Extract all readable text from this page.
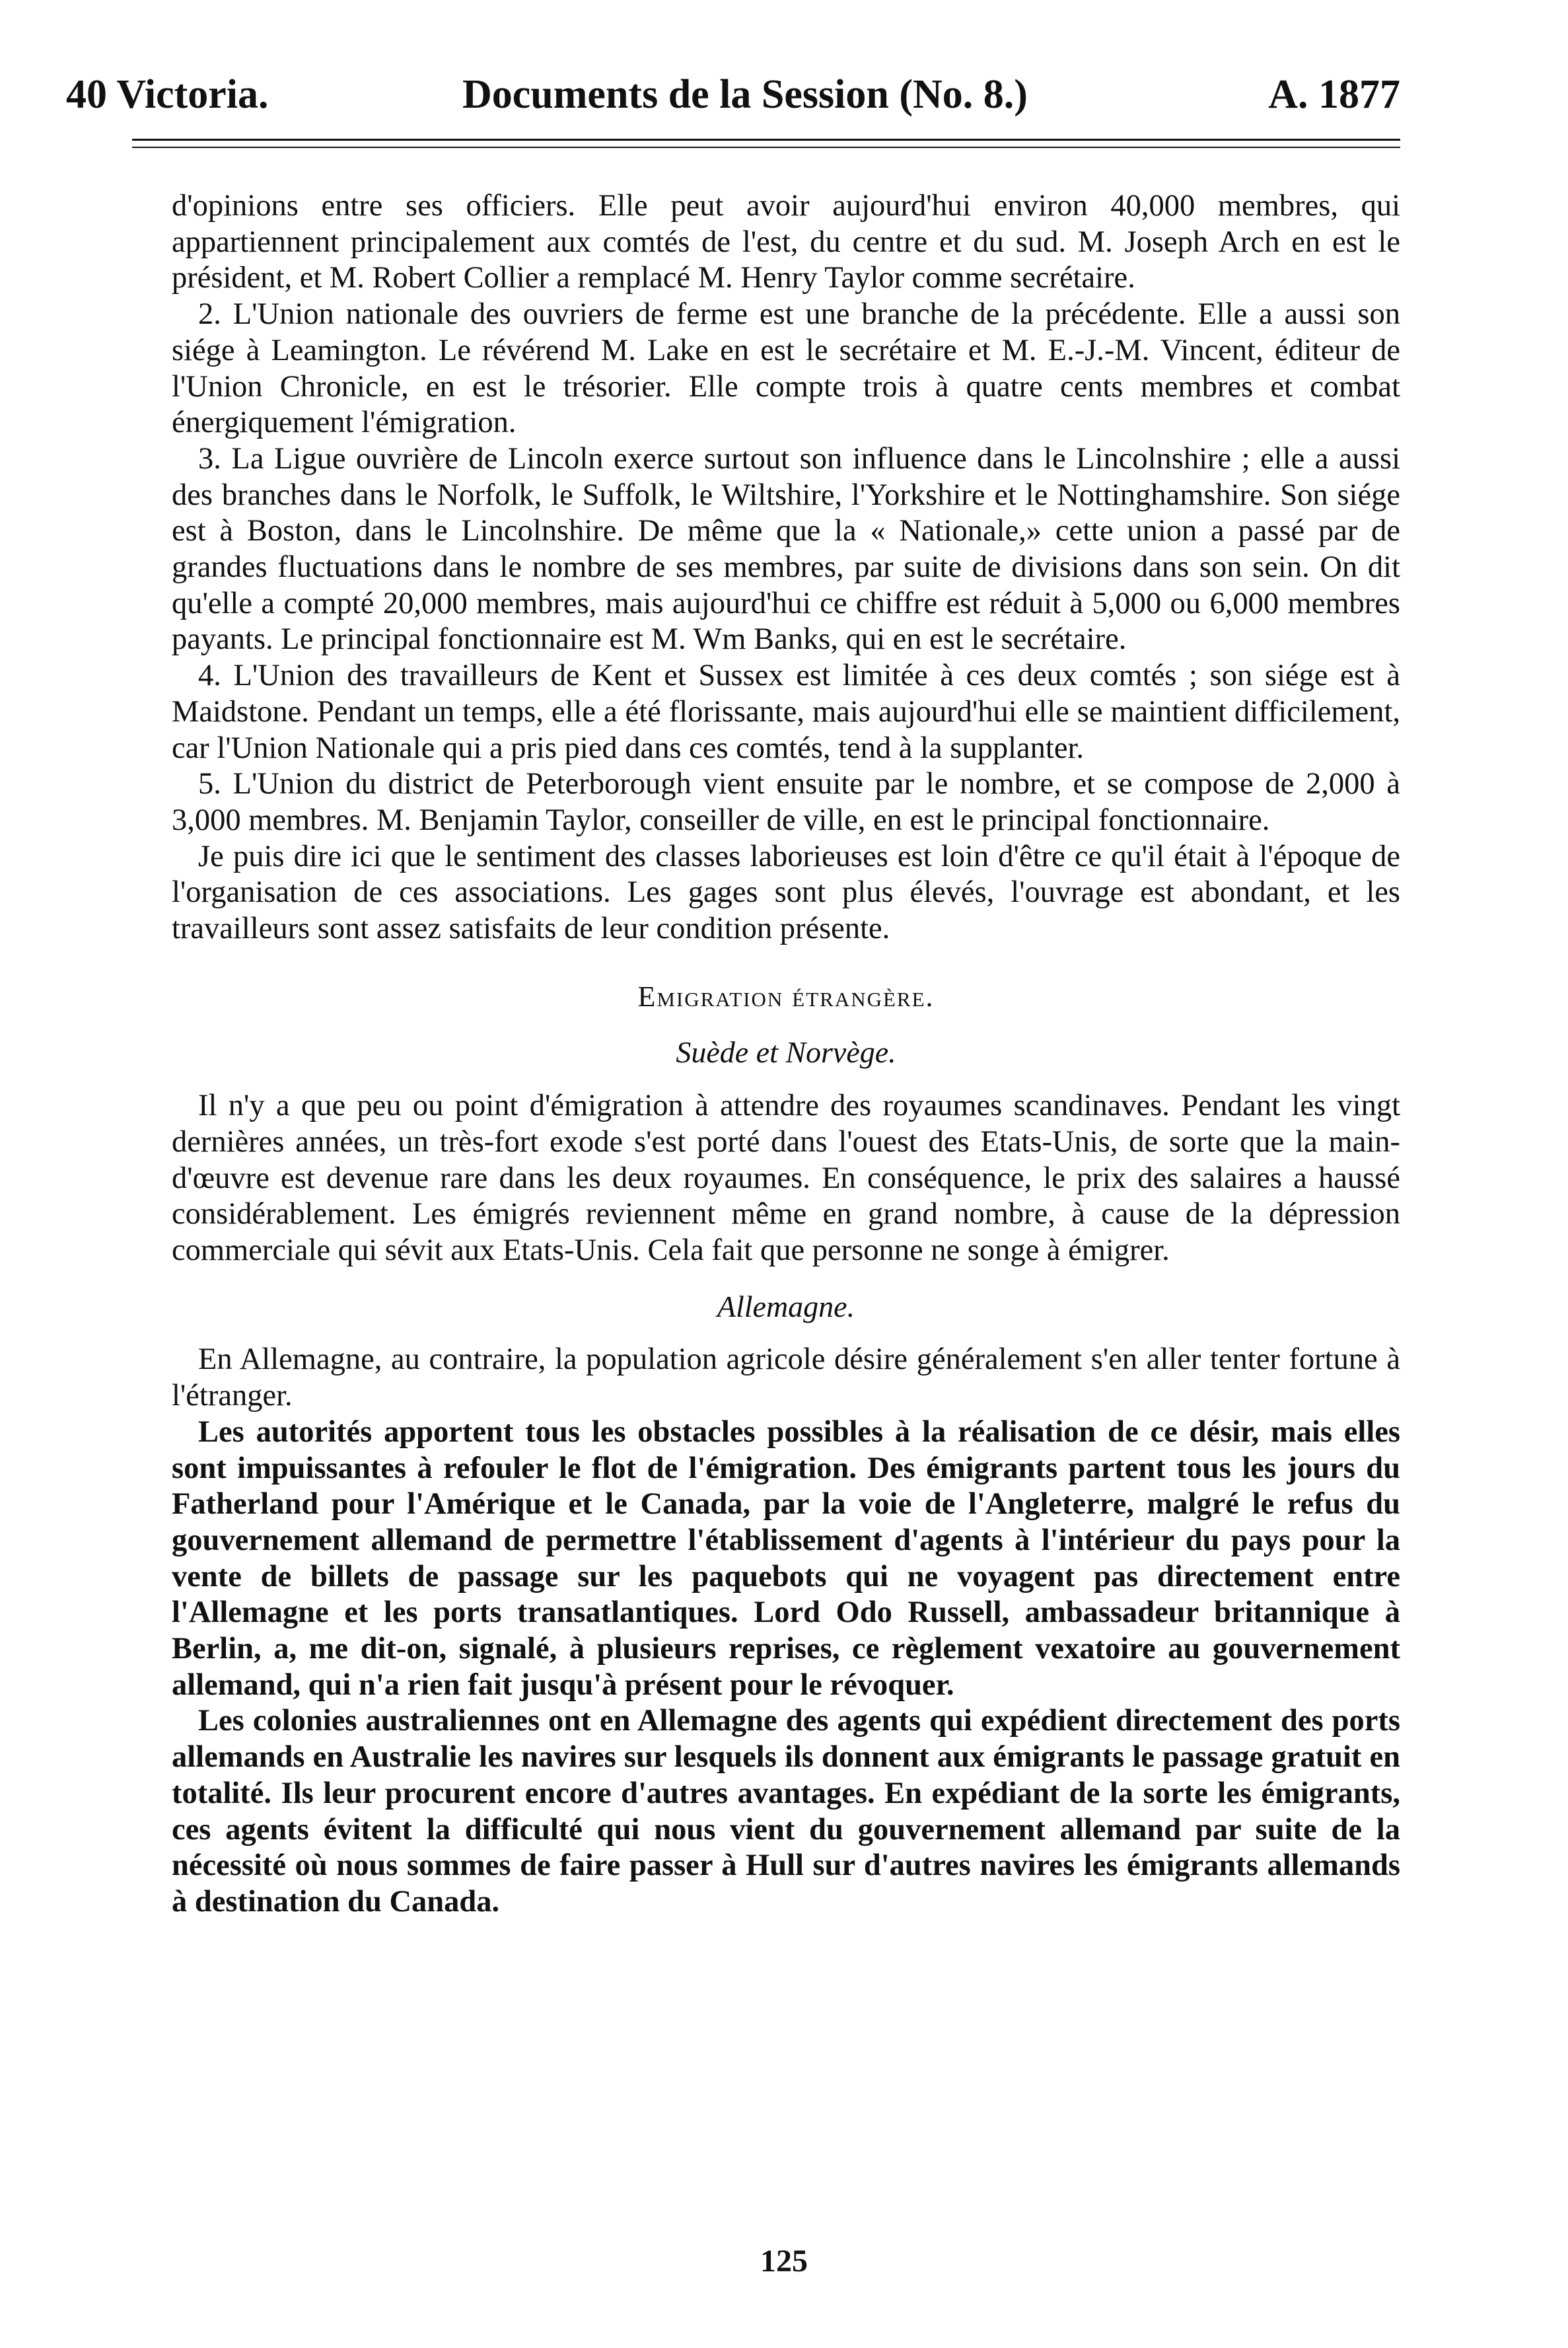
40 Victoria.	Documents de la Session (No. 8.)	A. 1877

d'opinions entre ses officiers. Elle peut avoir aujourd'hui environ 40,000 membres, qui appartiennent principalement aux comtés de l'est, du centre et du sud. M. Joseph Arch en est le président, et M. Robert Collier a remplacé M. Henry Taylor comme secrétaire.

2. L'Union nationale des ouvriers de ferme est une branche de la précédente. Elle a aussi son siége à Leamington. Le révérend M. Lake en est le secrétaire et M. E.-J.-M. Vincent, éditeur de l'Union Chronicle, en est le trésorier. Elle compte trois à quatre cents membres et combat énergiquement l'émigration.

3. La Ligue ouvrière de Lincoln exerce surtout son influence dans le Lincolnshire ; elle a aussi des branches dans le Norfolk, le Suffolk, le Wiltshire, l'Yorkshire et le Nottinghamshire. Son siége est à Boston, dans le Lincolnshire. De même que la « Nationale,» cette union a passé par de grandes fluctuations dans le nombre de ses membres, par suite de divisions dans son sein. On dit qu'elle a compté 20,000 membres, mais aujourd'hui ce chiffre est réduit à 5,000 ou 6,000 membres payants. Le principal fonctionnaire est M. Wm Banks, qui en est le secrétaire.

4. L'Union des travailleurs de Kent et Sussex est limitée à ces deux comtés ; son siége est à Maidstone. Pendant un temps, elle a été florissante, mais aujourd'hui elle se maintient difficilement, car l'Union Nationale qui a pris pied dans ces comtés, tend à la supplanter.

5. L'Union du district de Peterborough vient ensuite par le nombre, et se compose de 2,000 à 3,000 membres. M. Benjamin Taylor, conseiller de ville, en est le principal fonctionnaire.

Je puis dire ici que le sentiment des classes laborieuses est loin d'être ce qu'il était à l'époque de l'organisation de ces associations. Les gages sont plus élevés, l'ouvrage est abondant, et les travailleurs sont assez satisfaits de leur condition présente.

Emigration étrangère.
Suède et Norvège.

Il n'y a que peu ou point d'émigration à attendre des royaumes scandinaves. Pendant les vingt dernières années, un très-fort exode s'est porté dans l'ouest des Etats-Unis, de sorte que la main-d'œuvre est devenue rare dans les deux royaumes. En conséquence, le prix des salaires a haussé considérablement. Les émigrés reviennent même en grand nombre, à cause de la dépression commerciale qui sévit aux Etats-Unis. Cela fait que personne ne songe à émigrer.

Allemagne.

En Allemagne, au contraire, la population agricole désire généralement s'en aller tenter fortune à l'étranger.

Les autorités apportent tous les obstacles possibles à la réalisation de ce désir, mais elles sont impuissantes à refouler le flot de l'émigration. Des émigrants partent tous les jours du Fatherland pour l'Amérique et le Canada, par la voie de l'Angleterre, malgré le refus du gouvernement allemand de permettre l'établissement d'agents à l'intérieur du pays pour la vente de billets de passage sur les paquebots qui ne voyagent pas directement entre l'Allemagne et les ports transatlantiques. Lord Odo Russell, ambassadeur britannique à Berlin, a, me dit-on, signalé, à plusieurs reprises, ce règlement vexatoire au gouvernement allemand, qui n'a rien fait jusqu'à présent pour le révoquer.

Les colonies australiennes ont en Allemagne des agents qui expédient directement des ports allemands en Australie les navires sur lesquels ils donnent aux émigrants le passage gratuit en totalité. Ils leur procurent encore d'autres avantages. En expédiant de la sorte les émigrants, ces agents évitent la difficulté qui nous vient du gouvernement allemand par suite de la nécessité où nous sommes de faire passer à Hull sur d'autres navires les émigrants allemands à destination du Canada.

125
